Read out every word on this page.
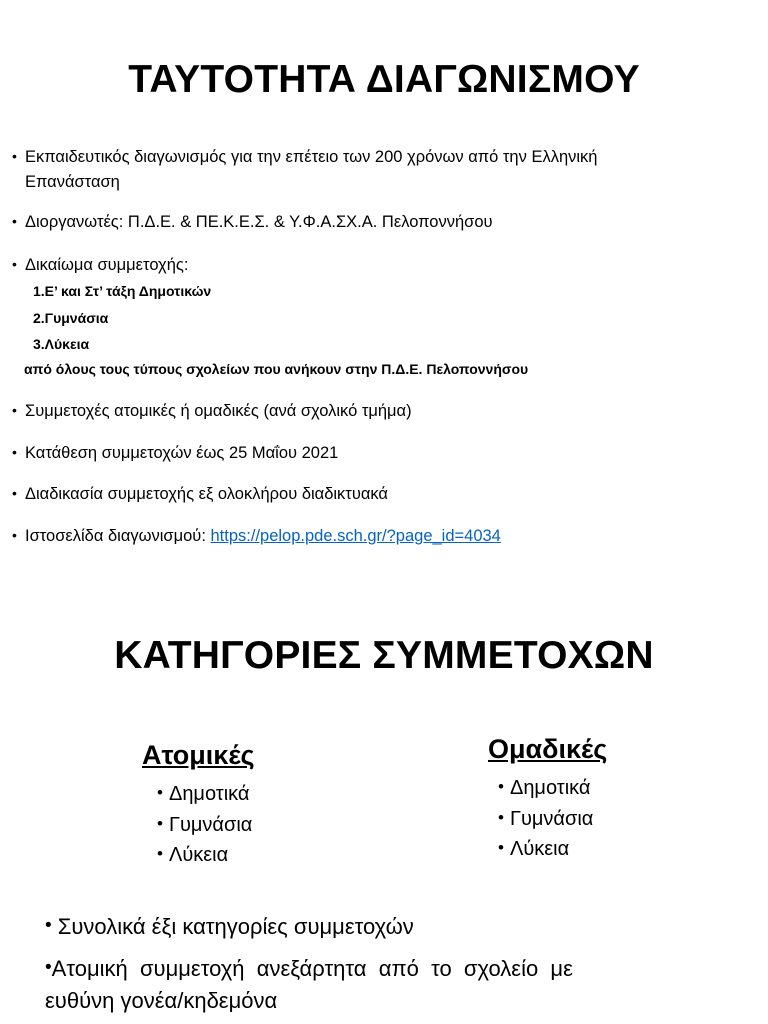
ΤΑΥΤΟΤΗΤΑ ΔΙΑΓΩΝΙΣΜΟΥ
• Εκπαιδευτικός διαγωνισμός για την επέτειο των 200 χρόνων από την Ελληνική
Επανάσταση
• Διοργανωτές: Π.Δ.Ε. & ΠΕ.Κ.Ε.Σ. & Υ.Φ.Α.ΣΧ.Α. Πελοποννήσου
• Δικαίωμα συμμετοχής:
1.Ε’ και Στ’ τάξη Δημοτικών
2.Γυμνάσια
3.Λύκεια
από όλους τους τύπους σχολείων που ανήκουν στην Π.Δ.Ε. Πελοποννήσου
• Συμμετοχές ατομικές ή ομαδικές (ανά σχολικό τμήμα)
• Κατάθεση συμμετοχών έως 25 Μαΐου 2021
• Διαδικασία συμμετοχής εξ ολοκλήρου διαδικτυακά
• Ιστοσελίδα διαγωνισμού: https://pelop.pde.sch.gr/?page_id=4034
ΚΑΤΗΓΟΡΙΕΣ ΣΥΜΜΕΤΟΧΩΝ
Ατομικές
• Δημοτικά
• Γυμνάσια
• Λύκεια
Ομαδικές
• Δημοτικά
• Γυμνάσια
• Λύκεια
• Συνολικά έξι κατηγορίες συμμετοχών
•Ατομική  συμμετοχή  ανεξάρτητα  από  το  σχολείο  με
ευθύνη γονέα/κηδεμόνα
